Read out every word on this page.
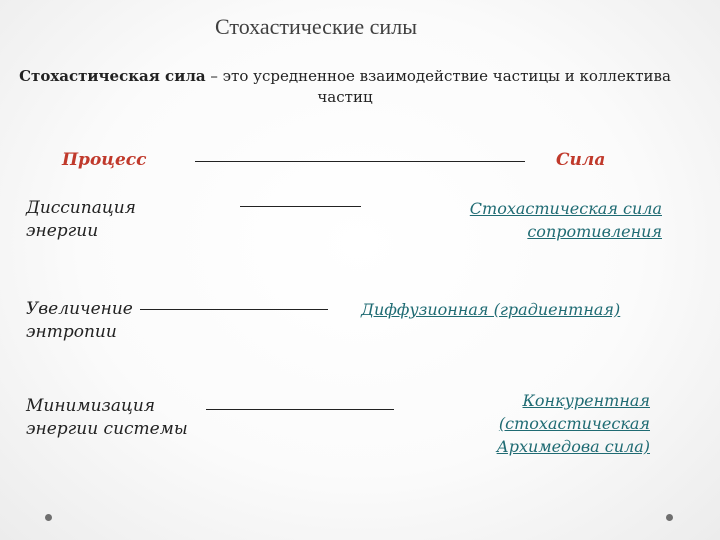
Стохастические силы
Стохастическая сила – это усредненное взаимодействие частицы и коллектива частиц
Процесс	Сила
Диссипация
энергии
Стохастическая сила
сопротивления
Увеличение
энтропии
Диффузионная (градиентная)
Минимизация
энергии системы
Конкурентная
(стохастическая
Архимедова сила)
